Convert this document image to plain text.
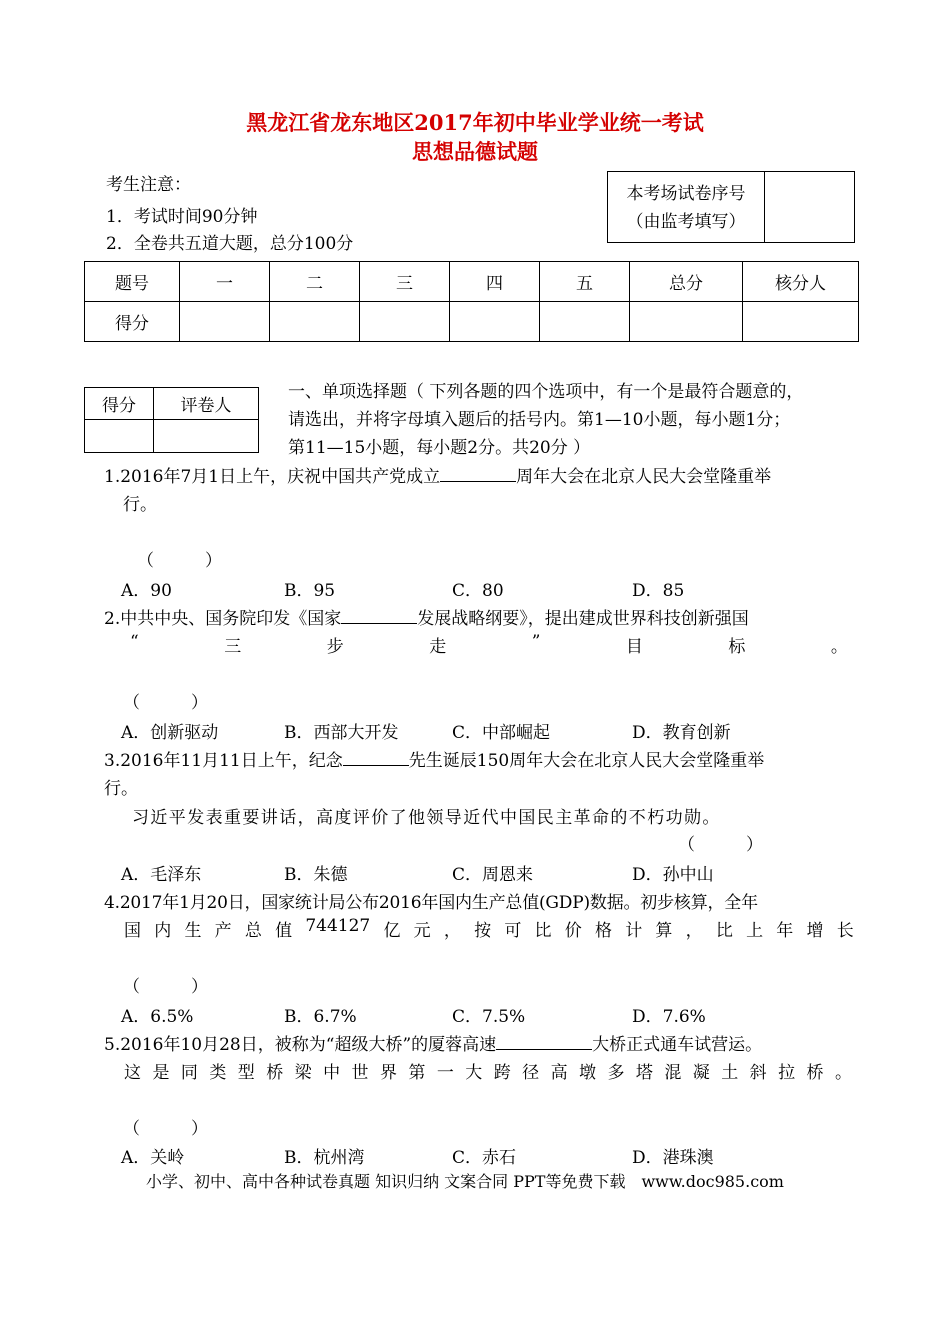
黑龙江省龙东地区2017年初中毕业学业统一考试
思想品德试题
考生注意：
1．考试时间90分钟
2．全卷共五道大题，总分100分
本考场试卷序号
（由监考填写）

题号	一	二	三	四	五	总分	核分人
得分							
得分	评卷人

一、单项选择题（ 下列各题的四个选项中，有一个是最符合题意的，
请选出，并将字母填入题后的括号内。第1—10小题，每小题1分；
第11—15小题，每小题2分。共20分 ）
1.2016年7月1日上午，庆祝中国共产党成立	周年大会在北京人民大会堂隆重举
行。
（　　　）
A．90	B．95	C．80	D．85
2.中共中央、国务院印发《国家	发展战略纲要》，提出建成世界科技创新强国
“	三	步	走	”	目	标	。
（　　　）
A．创新驱动	B．西部大开发	C．中部崛起	D．教育创新
3.2016年11月11日上午，纪念	先生诞辰150周年大会在北京人民大会堂隆重举
行。
习近平发表重要讲话，高度评价了他领导近代中国民主革命的不朽功勋。
（　　　）
A．毛泽东	B．朱德	C．周恩来	D．孙中山
4.2017年1月20日，国家统计局公布2016年国内生产总值(GDP)数据。初步核算，全年
国 内 生 产 总 值 744127 亿 元 ， 按 可 比 价 格 计 算 ， 比 上 年 增 长
（　　　）
A．6.5%	B．6.7%	C．7.5%	D．7.6%
5.2016年10月28日，被称为“超级大桥”的厦蓉高速	大桥正式通车试营运。
这 是 同 类 型 桥 梁 中 世 界 第 一 大 跨 径 高 墩 多 塔 混 凝 土 斜 拉 桥 。
（　　　）
A．关岭	B．杭州湾	C．赤石	D．港珠澳
小学、初中、高中各种试卷真题 知识归纳 文案合同 PPT等免费下载　www.doc985.com
